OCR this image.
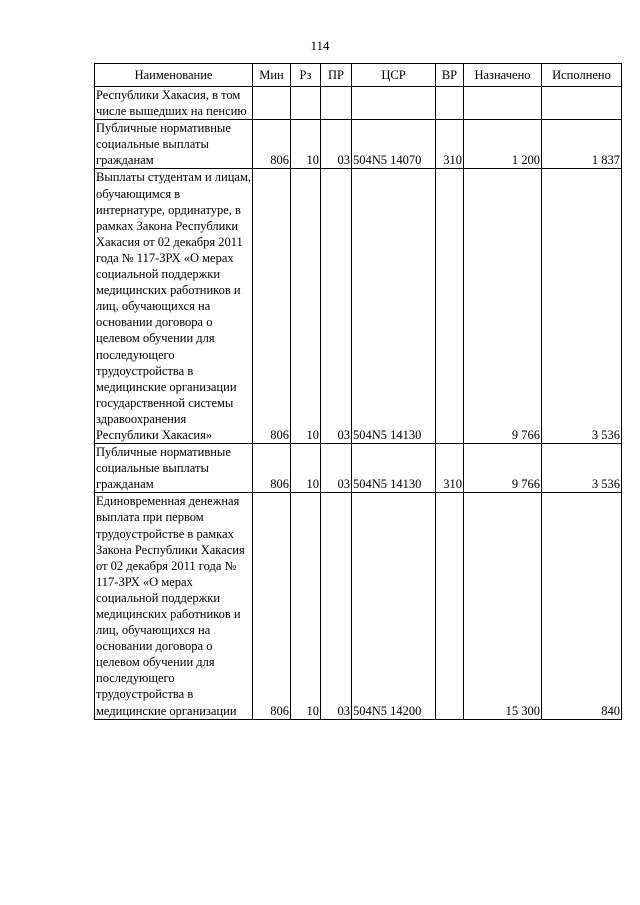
114
Наименование	Мин	Рз	ПР	ЦСР	ВР	Назначено	Исполнено
Республики Хакасия, в том числе вышедших на пенсию							
Публичные нормативные социальные выплаты гражданам	806	10	03	504N5 14070	310	1 200	1 837
Выплаты студентам и лицам, обучающимся в интернатуре, ординатуре, в рамках Закона Республики Хакасия от 02 декабря 2011 года № 117-ЗРХ «О мерах социальной поддержки медицинских работников и лиц, обучающихся на основании договора о целевом обучении для последующего трудоустройства в медицинские организации государственной системы здравоохранения Республики Хакасия»	806	10	03	504N5 14130		9 766	3 536
Публичные нормативные социальные выплаты гражданам	806	10	03	504N5 14130	310	9 766	3 536
Единовременная денежная выплата при первом трудоустройстве в рамках Закона Республики Хакасия от 02 декабря 2011 года № 117-ЗРХ «О мерах социальной поддержки медицинских работников и лиц, обучающихся на основании договора о целевом обучении для последующего трудоустройства в медицинские организации	806	10	03	504N5 14200		15 300	840
